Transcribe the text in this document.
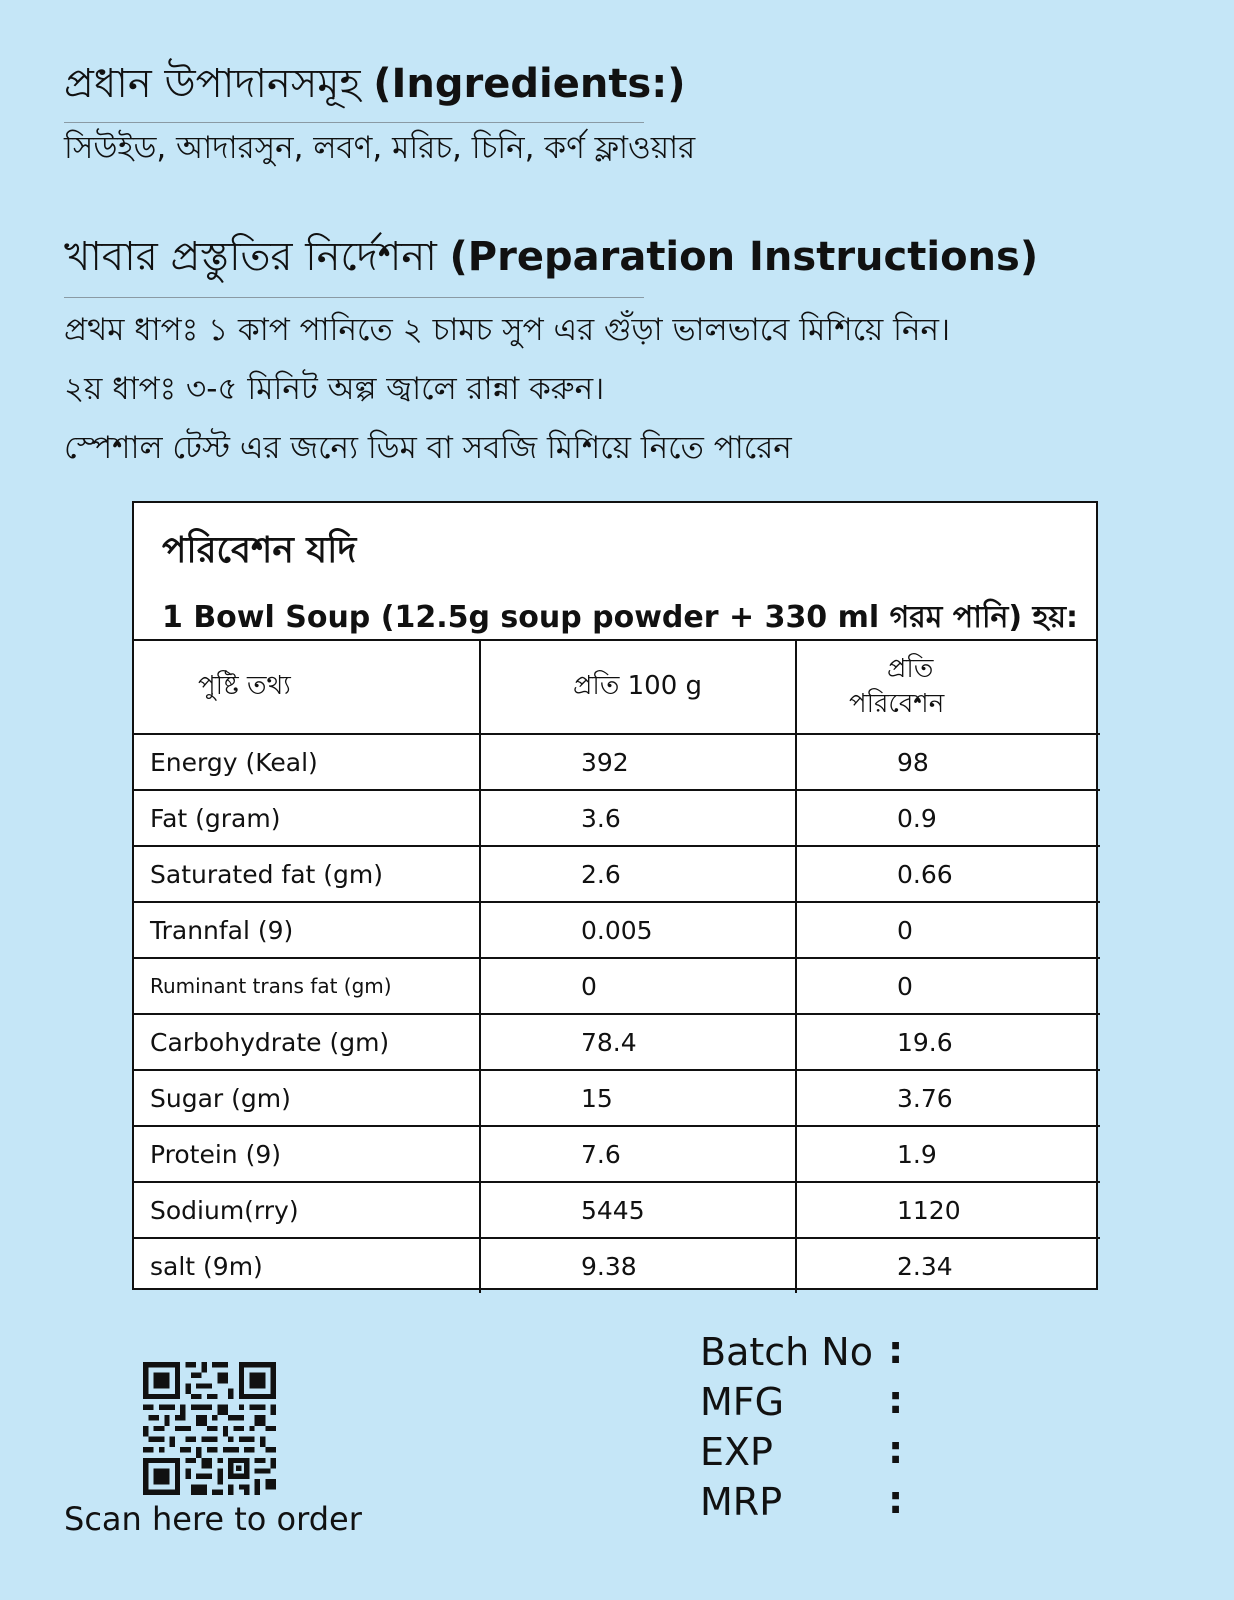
প্রধান উপাদানসমূহ (Ingredients:)

সিউইড, আদারসুন, লবণ, মরিচ, চিনি, কর্ণ ফ্লাওয়ার

খাবার প্রস্তুতির নির্দেশনা (Preparation Instructions)

প্রথম ধাপঃ ১ কাপ পানিতে ২ চামচ সুপ এর গুঁড়া ভালভাবে মিশিয়ে নিন।

২য় ধাপঃ ৩-৫ মিনিট অল্প জ্বালে রান্না করুন।

স্পেশাল টেস্ট এর জন্যে ডিম বা সবজি মিশিয়ে নিতে পারেন

পরিবেশন যদি
1 Bowl Soup (12.5g soup powder + 330 ml গরম পানি) হয়:
পুষ্টি তথ্য	প্রতি 100 g	প্রতি
পরিবেশন
Energy (Keal)	392	98
Fat (gram)	3.6	0.9
Saturated fat (gm)	2.6	0.66
Trannfal (9)	0.005	0
Ruminant trans fat (gm)	0	0
Carbohydrate (gm)	78.4	19.6
Sugar (gm)	15	3.76
Protein (9)	7.6	1.9
Sodium(rry)	5445	1120
salt (9m)	9.38	2.34

Scan here to order

Batch No :
MFG	:
EXP	:
MRP	:
